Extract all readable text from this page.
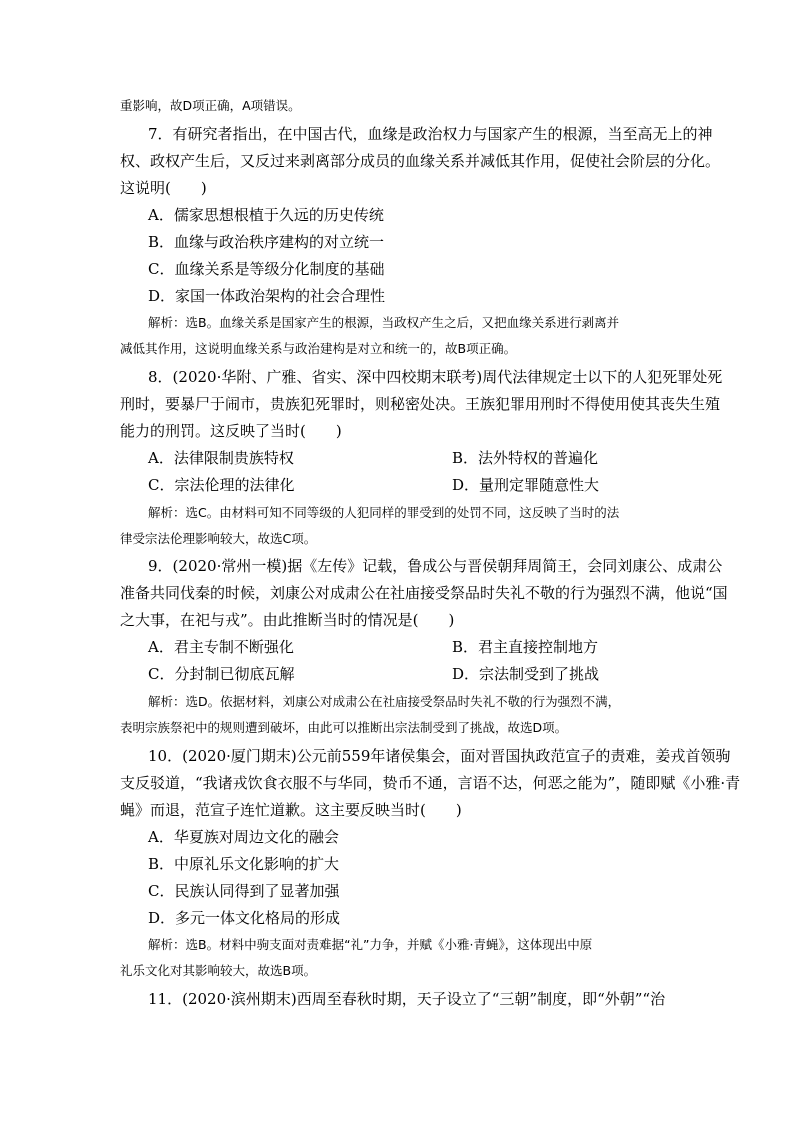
重影响，故D项正确，A项错误。
7．有研究者指出，在中国古代，血缘是政治权力与国家产生的根源，当至高无上的神
权、政权产生后，又反过来剥离部分成员的血缘关系并减低其作用，促使社会阶层的分化。
这说明(　　)
A．儒家思想根植于久远的历史传统
B．血缘与政治秩序建构的对立统一
C．血缘关系是等级分化制度的基础
D．家国一体政治架构的社会合理性
解析：选B。血缘关系是国家产生的根源，当政权产生之后，又把血缘关系进行剥离并
减低其作用，这说明血缘关系与政治建构是对立和统一的，故B项正确。
8．(2020·华附、广雅、省实、深中四校期末联考)周代法律规定士以下的人犯死罪处死
刑时，要暴尸于闹市，贵族犯死罪时，则秘密处决。王族犯罪用刑时不得使用使其丧失生殖
能力的刑罚。这反映了当时(　　)
A．法律限制贵族特权	B．法外特权的普遍化
C．宗法伦理的法律化	D．量刑定罪随意性大
解析：选C。由材料可知不同等级的人犯同样的罪受到的处罚不同，这反映了当时的法
律受宗法伦理影响较大，故选C项。
9．(2020·常州一模)据《左传》记载，鲁成公与晋侯朝拜周简王，会同刘康公、成肃公
准备共同伐秦的时候，刘康公对成肃公在社庙接受祭品时失礼不敬的行为强烈不满，他说“国
之大事，在祀与戎”。由此推断当时的情况是(　　)
A．君主专制不断强化	B．君主直接控制地方
C．分封制已彻底瓦解	D．宗法制受到了挑战
解析：选D。依据材料，刘康公对成肃公在社庙接受祭品时失礼不敬的行为强烈不满，
表明宗族祭祀中的规则遭到破坏，由此可以推断出宗法制受到了挑战，故选D项。
10．(2020·厦门期末)公元前559年诸侯集会，面对晋国执政范宣子的责难，姜戎首领驹
支反驳道，“我诸戎饮食衣服不与华同，贽币不通，言语不达，何恶之能为”，随即赋《小雅·青
蝇》而退，范宣子连忙道歉。这主要反映当时(　　)
A．华夏族对周边文化的融会
B．中原礼乐文化影响的扩大
C．民族认同得到了显著加强
D．多元一体文化格局的形成
解析：选B。材料中驹支面对责难据“礼”力争，并赋《小雅·青蝇》，这体现出中原
礼乐文化对其影响较大，故选B项。
11．(2020·滨州期末)西周至春秋时期，天子设立了“三朝”制度，即“外朝”“治
